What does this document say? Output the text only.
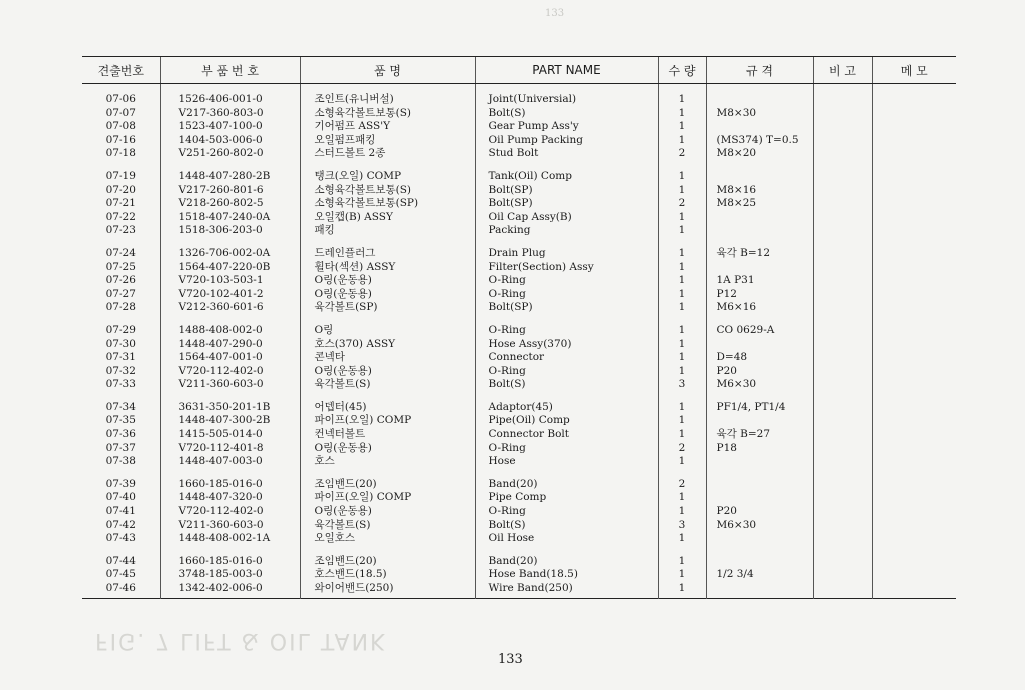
133
FIG. 7 LIFT & OIL TANK
견출번호	부 품 번 호	품 명	PART NAME	수 량	규 격	비 고	메 모

07-06	1526-406-001-0	조인트(유니버설)	Joint(Universial)	1			
07-07	V217-360-803-0	소형육각볼트보통(S)	Bolt(S)	1	M8×30		
07-08	1523-407-100-0	기어펌프 ASS'Y	Gear Pump Ass'y	1			
07-16	1404-503-006-0	오일펌프패킹	Oil Pump Packing	1	(MS374) T=0.5		
07-18	V251-260-802-0	스터드볼트 2종	Stud Bolt	2	M8×20		

07-19	1448-407-280-2B	탱크(오일) COMP	Tank(Oil) Comp	1			
07-20	V217-260-801-6	소형육각볼트보통(S)	Bolt(SP)	1	M8×16		
07-21	V218-260-802-5	소형육각볼트보통(SP)	Bolt(SP)	2	M8×25		
07-22	1518-407-240-0A	오일캡(B) ASSY	Oil Cap Assy(B)	1			
07-23	1518-306-203-0	패킹	Packing	1			

07-24	1326-706-002-0A	드레인플러그	Drain Plug	1	육각 B=12		
07-25	1564-407-220-0B	휠타(섹션) ASSY	Filter(Section) Assy	1			
07-26	V720-103-503-1	O링(운동용)	O-Ring	1	1A P31		
07-27	V720-102-401-2	O링(운동용)	O-Ring	1	P12		
07-28	V212-360-601-6	육각볼트(SP)	Bolt(SP)	1	M6×16		

07-29	1488-408-002-0	O링	O-Ring	1	CO 0629-A		
07-30	1448-407-290-0	호스(370) ASSY	Hose Assy(370)	1			
07-31	1564-407-001-0	콘넥타	Connector	1	D=48		
07-32	V720-112-402-0	O링(운동용)	O-Ring	1	P20		
07-33	V211-360-603-0	육각볼트(S)	Bolt(S)	3	M6×30		

07-34	3631-350-201-1B	어뎁터(45)	Adaptor(45)	1	PF1/4, PT1/4		
07-35	1448-407-300-2B	파이프(오일) COMP	Pipe(Oil) Comp	1			
07-36	1415-505-014-0	컨넥터볼트	Connector Bolt	1	육각 B=27		
07-37	V720-112-401-8	O링(운동용)	O-Ring	2	P18		
07-38	1448-407-003-0	호스	Hose	1			

07-39	1660-185-016-0	조임밴드(20)	Band(20)	2			
07-40	1448-407-320-0	파이프(오일) COMP	Pipe Comp	1			
07-41	V720-112-402-0	O링(운동용)	O-Ring	1	P20		
07-42	V211-360-603-0	육각볼트(S)	Bolt(S)	3	M6×30		
07-43	1448-408-002-1A	오일호스	Oil Hose	1			

07-44	1660-185-016-0	조임밴드(20)	Band(20)	1			
07-45	3748-185-003-0	호스밴드(18.5)	Hose Band(18.5)	1	1/2 3/4		
07-46	1342-402-006-0	와이어밴드(250)	Wire Band(250)	1			

133
